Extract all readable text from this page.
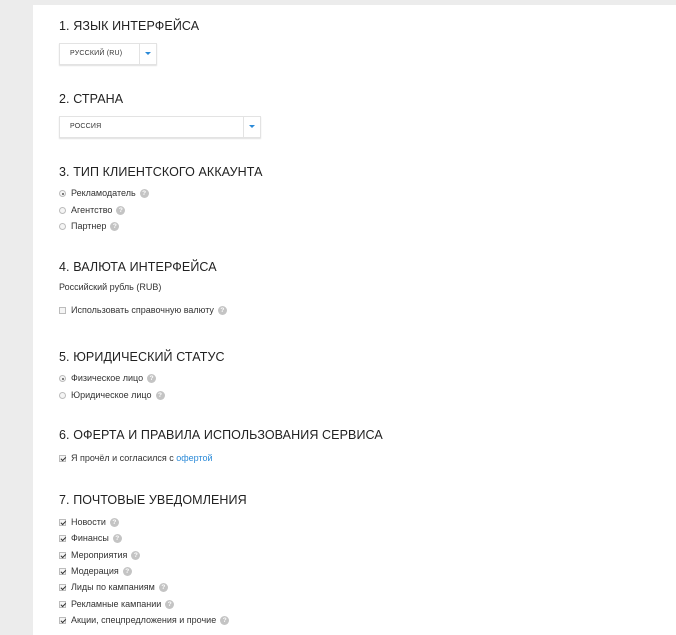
1. ЯЗЫК ИНТЕРФЕЙСА
РУССКИЙ (RU)
2. СТРАНА
РОССИЯ
3. ТИП КЛИЕНТСКОГО АККАУНТА
Рекламодатель ?
Агентство ?
Партнер ?
4. ВАЛЮТА ИНТЕРФЕЙСА
Российский рубль (RUB)
Использовать справочную валюту ?
5. ЮРИДИЧЕСКИЙ СТАТУС
Физическое лицо ?
Юридическое лицо ?
6. ОФЕРТА И ПРАВИЛА ИСПОЛЬЗОВАНИЯ СЕРВИСА
Я прочёл и согласился с офертой
7. ПОЧТОВЫЕ УВЕДОМЛЕНИЯ
Новости ?
Финансы ?
Мероприятия ?
Модерация ?
Лиды по кампаниям ?
Рекламные кампании ?
Акции, спецпредложения и прочие ?
